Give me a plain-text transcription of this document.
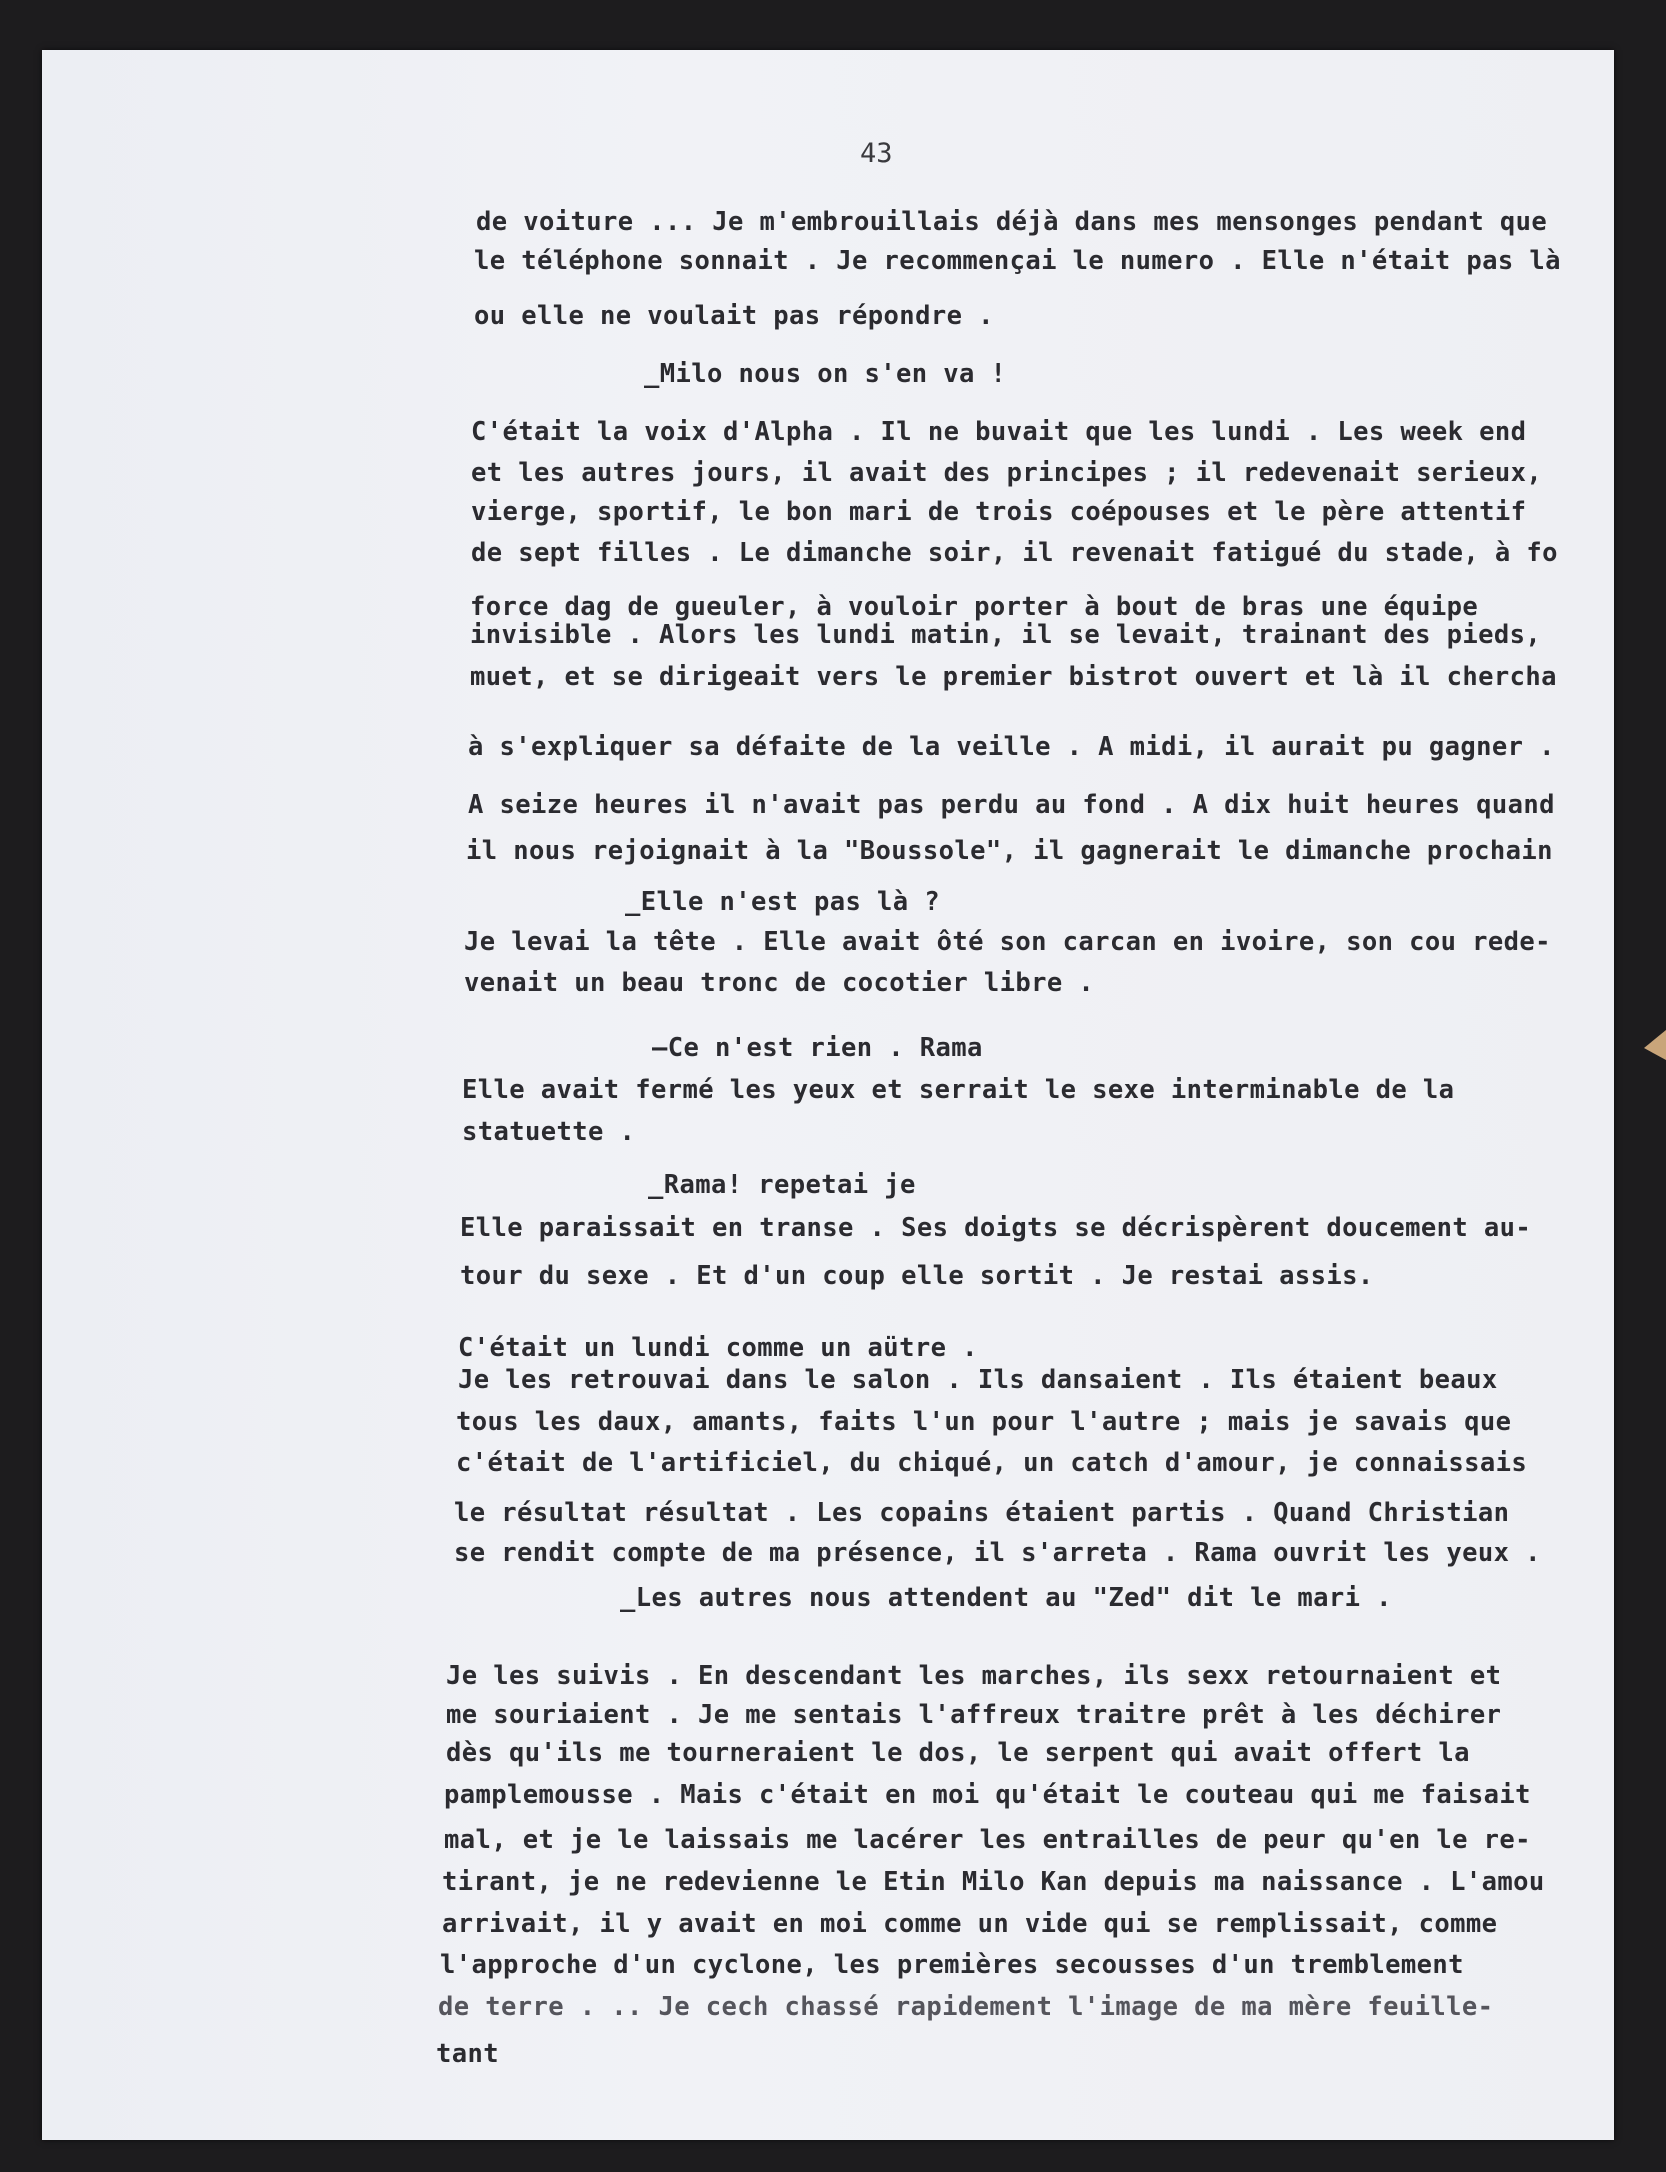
43
de voiture ... Je m'embrouillais déjà dans mes mensonges pendant que
le téléphone sonnait . Je recommençai le numero . Elle n'était pas là
ou elle ne voulait pas répondre .
_Milo nous on s'en va !
C'était la voix d'Alpha . Il ne buvait que les lundi . Les week end
et les autres jours, il avait des principes ; il redevenait serieux,
vierge, sportif, le bon mari de trois coépouses et le père attentif
de sept filles . Le dimanche soir, il revenait fatigué du stade, à fo
force dag de gueuler, à vouloir porter à bout de bras une équipe
invisible . Alors les lundi matin, il se levait, trainant des pieds,
muet, et se dirigeait vers le premier bistrot ouvert et là il chercha
à s'expliquer sa défaite de la veille . A midi, il aurait pu gagner .
A seize heures il n'avait pas perdu au fond . A dix huit heures quand
il nous rejoignait à la "Boussole", il gagnerait le dimanche prochain
_Elle n'est pas là ?
Je levai la tête . Elle avait ôté son carcan en ivoire, son cou rede-
venait un beau tronc de cocotier libre .
—Ce n'est rien . Rama
Elle avait fermé les yeux et serrait le sexe interminable de la
statuette .
_Rama! repetai je
Elle paraissait en transe . Ses doigts se décrispèrent doucement au-
tour du sexe . Et d'un coup elle sortit . Je restai assis.
C'était un lundi comme un aütre .
Je les retrouvai dans le salon . Ils dansaient . Ils étaient beaux
tous les daux, amants, faits l'un pour l'autre ; mais je savais que
c'était de l'artificiel, du chiqué, un catch d'amour, je connaissais
le résultat résultat . Les copains étaient partis . Quand Christian
se rendit compte de ma présence, il s'arreta . Rama ouvrit les yeux .
_Les autres nous attendent au "Zed" dit le mari .
Je les suivis . En descendant les marches, ils sexx retournaient et
me souriaient . Je me sentais l'affreux traitre prêt à les déchirer
dès qu'ils me tourneraient le dos, le serpent qui avait offert la
pamplemousse . Mais c'était en moi qu'était le couteau qui me faisait
mal, et je le laissais me lacérer les entrailles de peur qu'en le re-
tirant, je ne redevienne le Etin Milo Kan depuis ma naissance . L'amou
arrivait, il y avait en moi comme un vide qui se remplissait, comme
l'approche d'un cyclone, les premières secousses d'un tremblement
de terre . .. Je cech chassé rapidement l'image de ma mère feuille-
tant
